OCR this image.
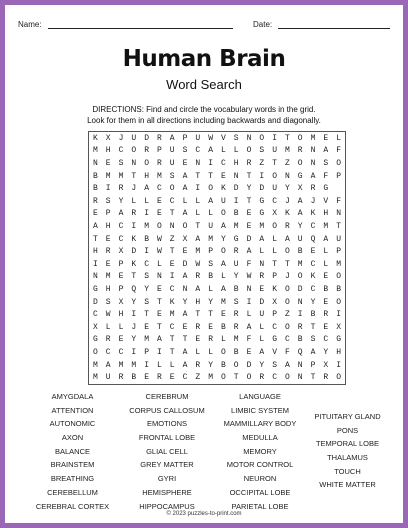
Name:	Date:
Human Brain
Word Search
DIRECTIONS: Find and circle the vocabulary words in the grid.
Look for them in all directions including backwards and diagonally.
K X J U	D R A P U	W V S N O	I T O M E	L
M H C O	R P U S C	A L L O S	U M R N A	F
N E S N	O R U E N	I C H R Z	T Z O N S	O
B M M T	H M S A T	T E N T I	O N G A F	P
B I R J	A C O A I	O K D Y D	U Y X R G
R S Y L	L E C L L	A U I T G	C J A J V	F
E P A R	I E T A L	L O B E G	X K A K H	N
A H C I	M O N O T	U A M E M	O R Y C M	T
T E C K	B W Z X A	M Y G D A	L A U Q A	U
H R X D	I W T E M	P O R A L	L O B E L	P
I E P K	C L E D W	S A U F N	T T M C L	M
N M E T	S N I A R	B L Y W R	P J O K E	O
G H P Q	Y E C N A	L A B N E	K O D C B	B
D S X Y	S T K Y H	Y M S I D	X O N Y E	O
C W H I	T E M A T	T E R L U	P Z I B R	I
X L L J	E T C E R	E B R A L	C O R T E	X
G R E Y	M A T T E	R L M F L	G C B S C	G
O C C I	P I T A L	L O B E A	V F Q A Y	H
M A M M	I L L A R	Y B O D Y	S A N P X	I
M U R B	E R E C Z	M O T O R	C O N T R	O
AMYGDALA
ATTENTION
AUTONOMIC
AXON
BALANCE
BRAINSTEM
BREATHING
CEREBELLUM
CEREBRAL CORTEX
CEREBRUM
CORPUS CALLOSUM
EMOTIONS
FRONTAL LOBE
GLIAL CELL
GREY MATTER
GYRI
HEMISPHERE
HIPPOCAMPUS
LANGUAGE
LIMBIC SYSTEM
MAMMILLARY BODY
MEDULLA
MEMORY
MOTOR CONTROL
NEURON
OCCIPITAL LOBE
PARIETAL LOBE
PITUITARY GLAND
PONS
TEMPORAL LOBE
THALAMUS
TOUCH
WHITE MATTER
© 2023 puzzles-to-print.com
